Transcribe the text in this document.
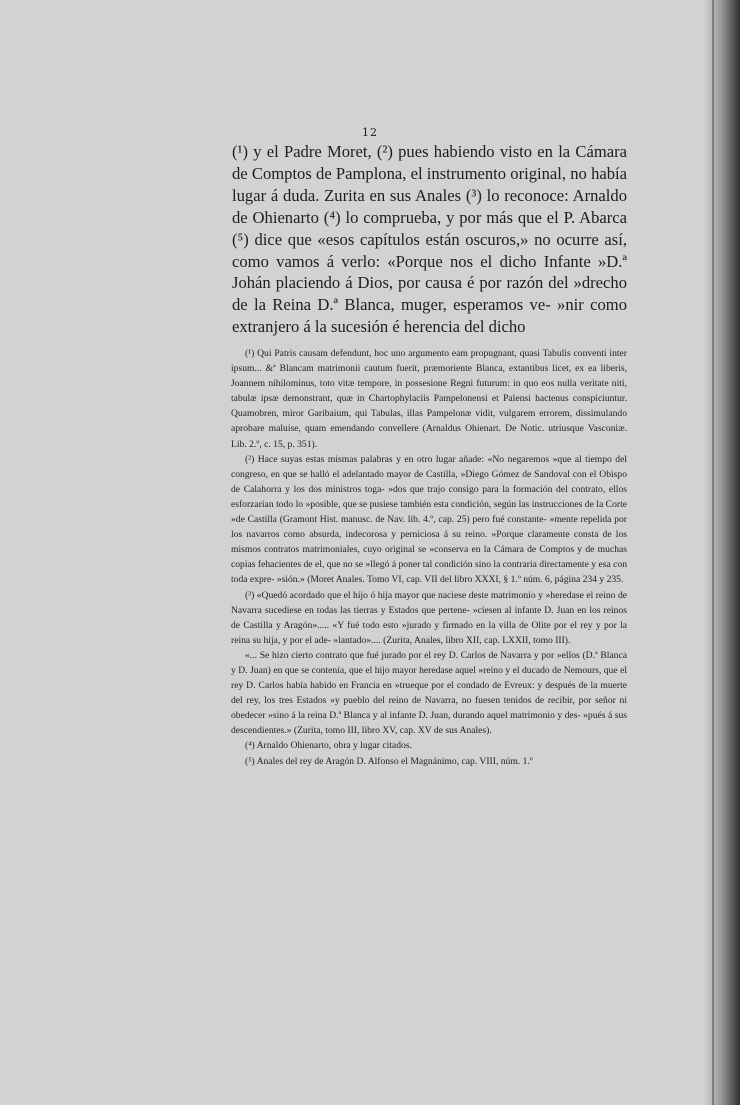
12

(¹) y el Padre Moret, (²) pues habiendo visto en la Cámara de Comptos de Pamplona, el instrumento original, no había lugar á duda. Zurita en sus Anales (³) lo reconoce: Arnaldo de Ohienarto (⁴) lo comprueba, y por más que el P. Abarca (⁵) dice que «esos capítulos están oscuros,» no ocurre así, como vamos á verlo: «Porque nos el dicho Infante »D.ª Johán placiendo á Dios, por causa é por razón del »drecho de la Reina D.ª Blanca, muger, esperamos ve- »nir como extranjero á la sucesión é herencia del dicho

(¹) Qui Patris causam defendunt, hoc uno argumento eam propugnant, quasi Tabulis conventi inter ipsum... &ª Blancam matrimonii cautum fuerit, præmoriente Blanca, extantibus licet, ex ea liberis, Joannem nihilominus, toto vitæ tempore, in possesione Regni futurum: in quo eos nulla veritate niti, tabulæ ipsæ demonstrant, quæ in Chartophylaciis Pampelonensi et Palensi hactenus conspiciuntur. Quamobren, miror Garibaium, qui Tabulas, illas Pampelonæ vidit, vulgarem errorem, dissimulando aprobare maluise, quam emendando convellere (Arnaldus Ohienart. De Notic. utriusque Vasconiæ. Lib. 2.º, c. 15, p. 351).

(²) Hace suyas estas mismas palabras y en otro lugar añade: «No negaremos »que al tiempo del congreso, en que se halló el adelantado mayor de Castilla, »Diego Gómez de Sandoval con el Obispo de Calahorra y los dos ministros toga- »dos que trajo consigo para la formación del contrato, ellos esforzarían todo lo »posible, que se pusiese también esta condición, según las instrucciones de la Corte »de Castilla (Gramont Hist. manusc. de Nav. lib. 4.º, cap. 25) pero fué constante- »mente repelida por los navarros como absurda, indecorosa y perniciosa á su reino. »Porque claramente consta de los mismos contratos matrimoniales, cuyo original se »conserva en la Cámara de Comptos y de muchas copias fehacientes de el, que no se »llegó á poner tal condición sino la contraria directamente y esa con toda expre- »sión.» (Moret Anales. Tomo VI, cap. VII del libro XXXI, § 1.º núm. 6, página 234 y 235.

(³) «Quedó acordado que el hijo ó hija mayor que naciese deste matrimonio y »heredase el reino de Navarra sucediese en todas las tierras y Estados que pertene- »cíesen al infante D. Juan en los reinos de Castilla y Aragón»..... «Y fué todo esto »jurado y firmado en la villa de Olite por el rey y por la reina su hija, y por el ade- »lantado».... (Zurita, Anales, libro XII, cap. LXXII, tomo III).

«... Se hizo cierto contrato que fué jurado por el rey D. Carlos de Navarra y por »ellos (D.ª Blanca y D. Juan) en que se contenía, que el hijo mayor heredase aquel »reino y el ducado de Nemours, que el rey D. Carlos había habido en Francia en »trueque por el condado de Evreux: y después de la muerte del rey, los tres Estados »y pueblo del reino de Navarra, no fuesen tenidos de recibir, por señor ni obedecer »sino á la reina D.ª Blanca y al infante D. Juan, durando aquel matrimonio y des- »pués á sus descendientes.» (Zurita, tomo III, libro XV, cap. XV de sus Anales).

(⁴) Arnaldo Ohienarto, obra y lugar citados.

(⁵) Anales del rey de Aragón D. Alfonso el Magnánimo, cap. VIII, núm. 1.º
